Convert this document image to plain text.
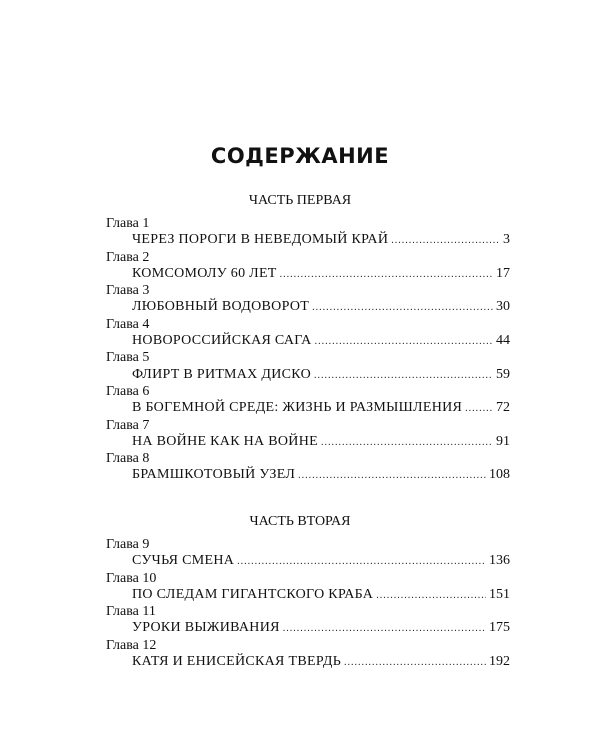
СОДЕРЖАНИЕ
ЧАСТЬ ПЕРВАЯ
Глава 1
ЧЕРЕЗ ПОРОГИ В НЕВЕДОМЫЙ КРАЙ .....	3
Глава 2
КОМСОМОЛУ 60 ЛЕТ .....	17
Глава 3
ЛЮБОВНЫЙ ВОДОВОРОТ .....	30
Глава 4
НОВОРОССИЙСКАЯ САГА .....	44
Глава 5
ФЛИРТ В РИТМАХ ДИСКО .....	59
Глава 6
В БОГЕМНОЙ СРЕДЕ: ЖИЗНЬ И РАЗМЫШЛЕНИЯ ..... 72
Глава 7
НА ВОЙНЕ КАК НА ВОЙНЕ .....	91
Глава 8
БРАМШКОТОВЫЙ УЗЕЛ .....	108
ЧАСТЬ ВТОРАЯ
Глава 9
СУЧЬЯ СМЕНА .....	136
Глава 10
ПО СЛЕДАМ ГИГАНТСКОГО КРАБА .....	151
Глава 11
УРОКИ ВЫЖИВАНИЯ .....	175
Глава 12
КАТЯ И ЕНИСЕЙСКАЯ ТВЕРДЬ .....	192
